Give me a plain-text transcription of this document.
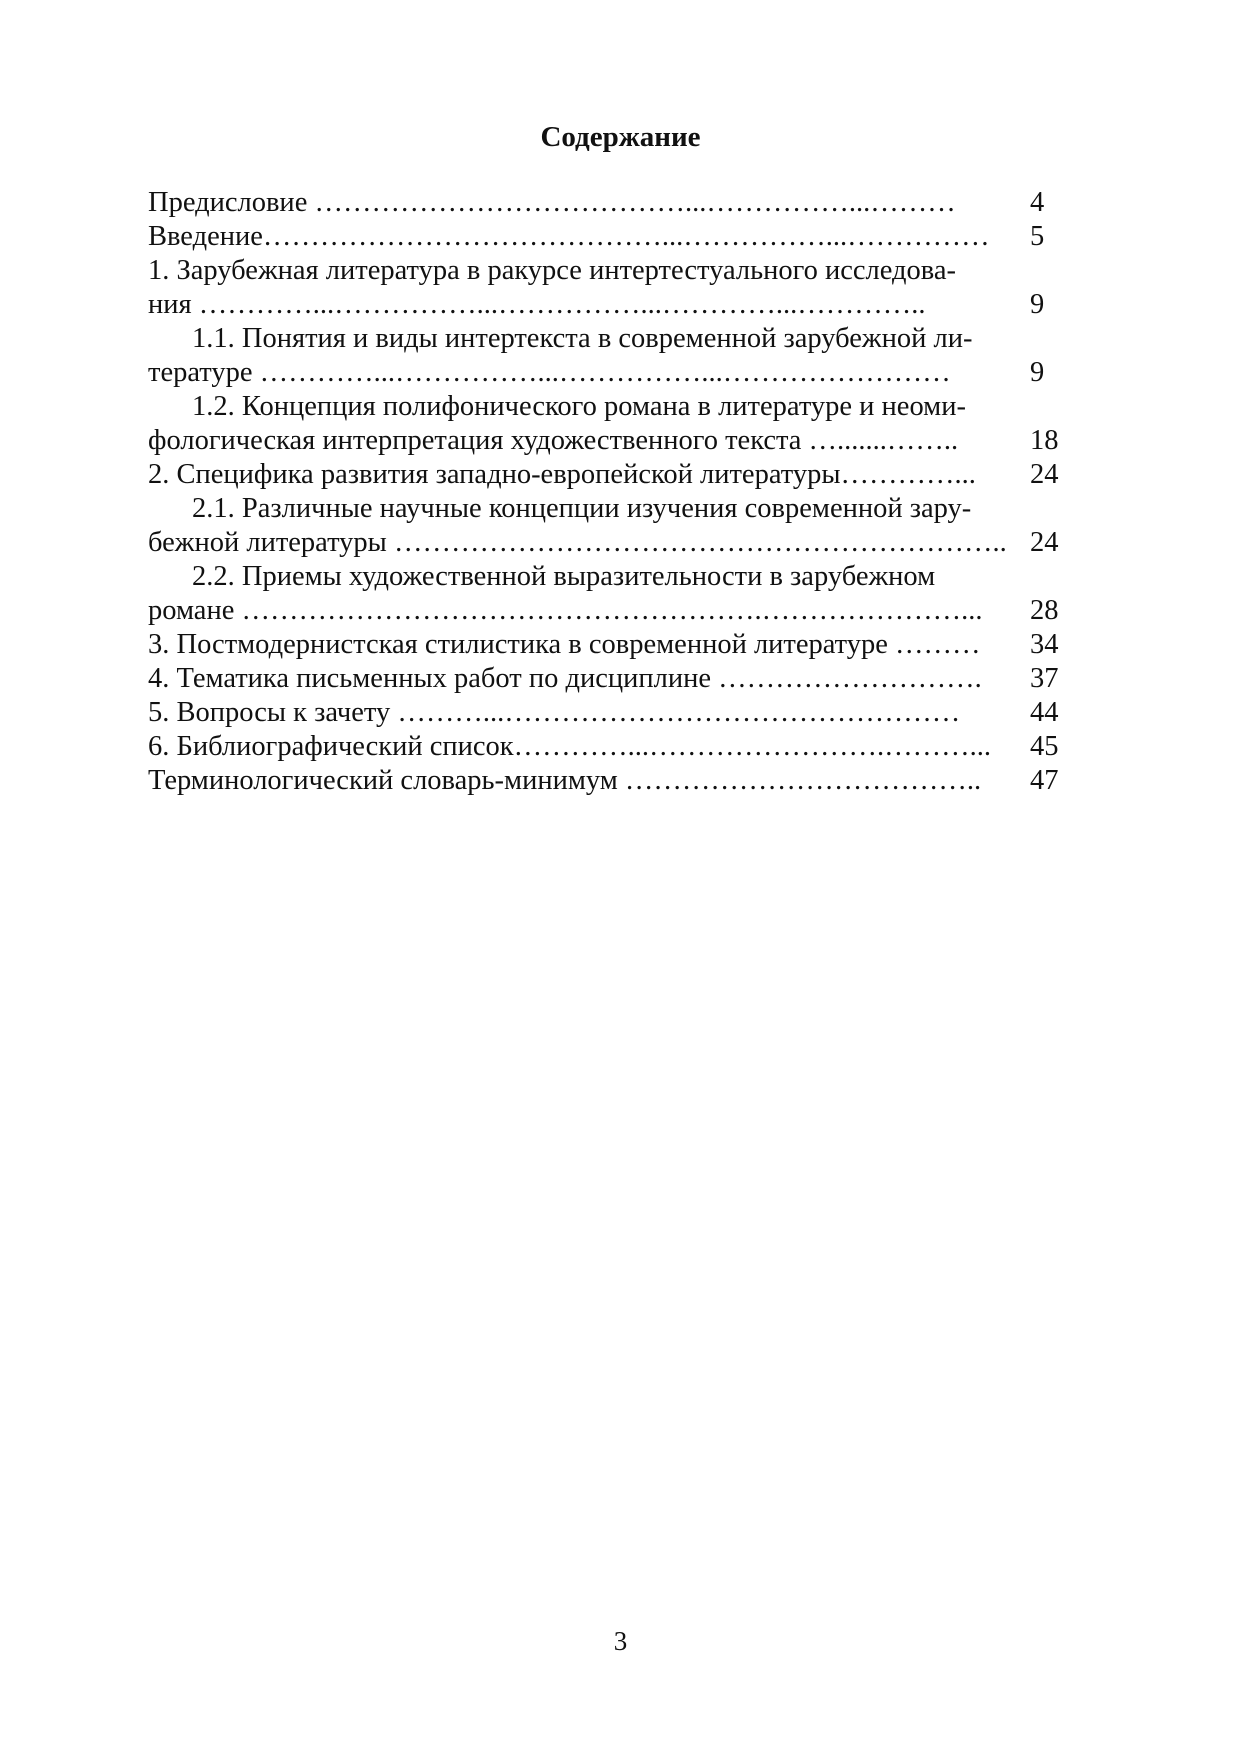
Содержание
Предисловие …………………………………...……………...………	4
Введение……………………………………...……………...……………	5
1. Зарубежная литература в ракурсе интертестуального исследова-
ния …………...……………...……………...…………...…………..	9
1.1. Понятия и виды интертекста в современной зарубежной ли-
тературе …………...……………...……………...……………………	9
1.2. Концепция полифонического романа в литературе и неоми-
фологическая интерпретация художественного текста ….......……..	18
2. Специфика развития западно-европейской литературы…………...	24
2.1. Различные научные концепции изучения современной зару-
бежной литературы ……………………………………………………….. 24
2.2. Приемы художественной выразительности в зарубежном
романе ……………………………………………….…………………...	28
3. Постмодернистская стилистика в современной литературе ………	34
4. Тематика письменных работ по дисциплине ……………………….	37
5. Вопросы к зачету ………...…………………………………………	44
6. Библиографический список…………...…………………….………...	45
Терминологический словарь-минимум ………………………………..	47
3
